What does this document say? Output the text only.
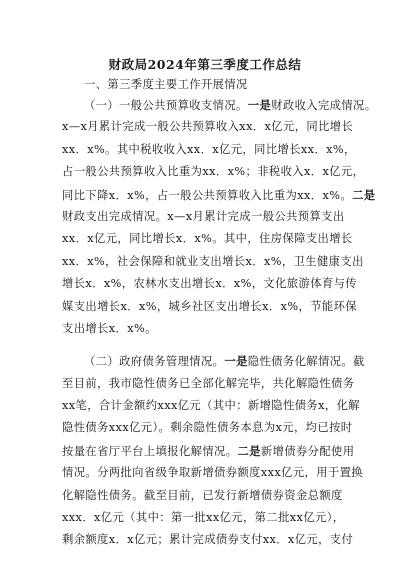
财政局2024年第三季度工作总结
一、第三季度主要工作开展情况
（一）一般公共预算收支情况。一是财政收入完成情况。
x—x月累计完成一般公共预算收入xx．x亿元，同比增长
xx．x%。其中税收收入xx．x亿元，同比增长xx．x%，
占一般公共预算收入比重为xx．x%；非税收入x．x亿元，
同比下降x．x%，占一般公共预算收入比重为xx．x%。二是
财政支出完成情况。x—x月累计完成一般公共预算支出
xx．x亿元，同比增长x．x%。其中，住房保障支出增长
xx．x%，社会保障和就业支出增长x．x%，卫生健康支出
增长x．x%，农林水支出增长x．x%，文化旅游体育与传
媒支出增长x．x%，城乡社区支出增长x．x%，节能环保
支出增长x．x%。
（二）政府债务管理情况。一是隐性债务化解情况。截
至目前，我市隐性债务已全部化解完毕，共化解隐性债务
xx笔，合计金额约xxx亿元（其中：新增隐性债务x，化解
隐性债务xxx亿元）。剩余隐性债务本息为x元，均已按时
按量在省厅平台上填报化解情况。二是新增债券分配使用
情况。分两批向省级争取新增债券额度xxx亿元，用于置换
化解隐性债务。截至目前，已发行新增债券资金总额度
xxx．x亿元（其中：第一批xx亿元，第二批xx亿元），
剩余额度x．x亿元；累计完成债券支付xx．x亿元，支付
